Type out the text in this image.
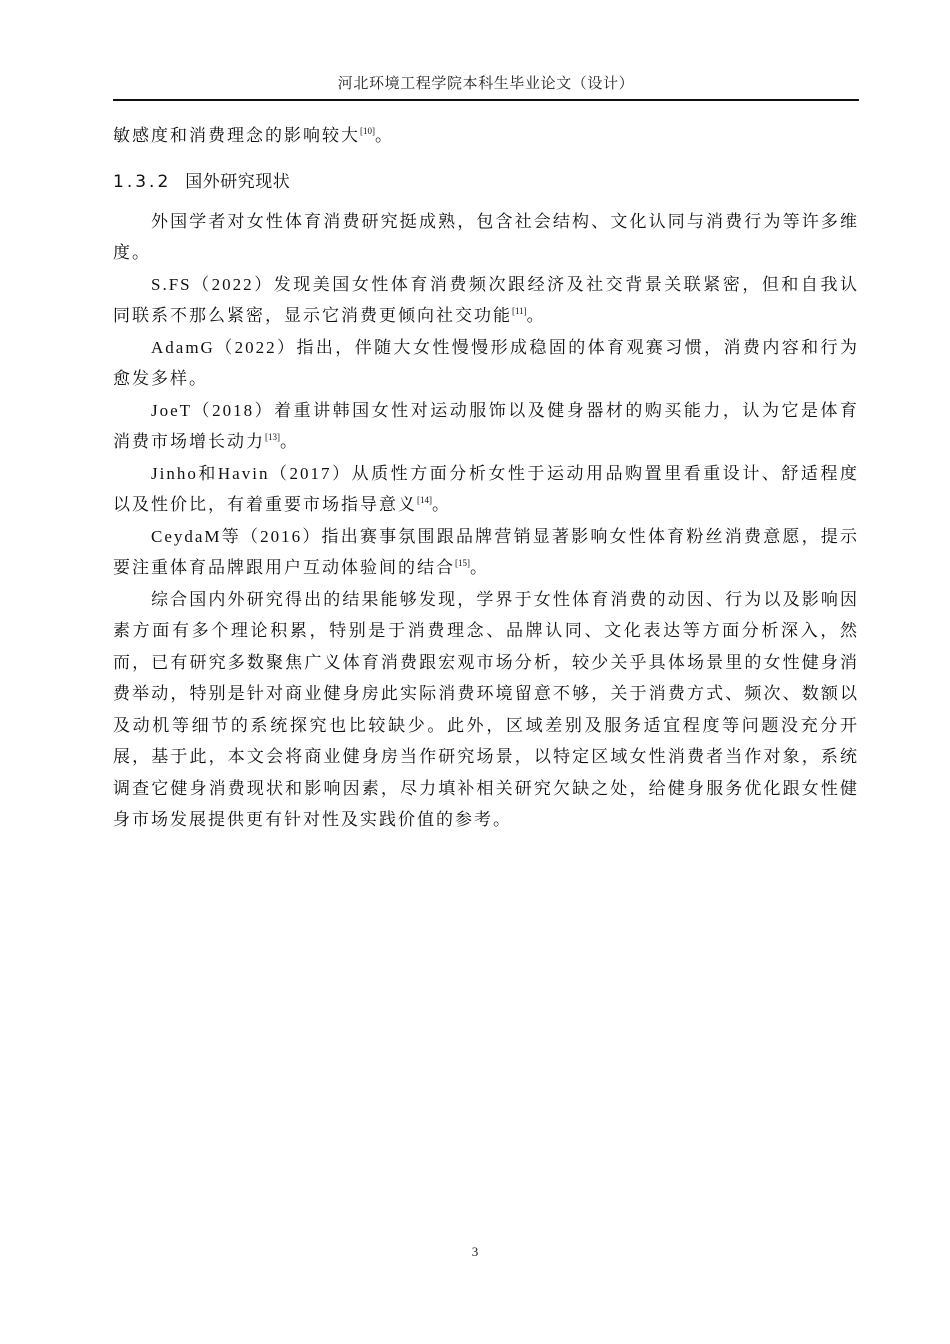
河北环境工程学院本科生毕业论文（设计）

敏感度和消费理念的影响较大[10]。

1.3.2 国外研究现状

外国学者对女性体育消费研究挺成熟，包含社会结构、文化认同与消费行为等许多维度。

S.FS（2022）发现美国女性体育消费频次跟经济及社交背景关联紧密，但和自我认同联系不那么紧密，显示它消费更倾向社交功能[11]。

AdamG（2022）指出，伴随大女性慢慢形成稳固的体育观赛习惯，消费内容和行为愈发多样。

JoeT（2018）着重讲韩国女性对运动服饰以及健身器材的购买能力，认为它是体育消费市场增长动力[13]。

Jinho和Havin（2017）从质性方面分析女性于运动用品购置里看重设计、舒适程度以及性价比，有着重要市场指导意义[14]。

CeydaM等（2016）指出赛事氛围跟品牌营销显著影响女性体育粉丝消费意愿，提示要注重体育品牌跟用户互动体验间的结合[15]。

综合国内外研究得出的结果能够发现，学界于女性体育消费的动因、行为以及影响因素方面有多个理论积累，特别是于消费理念、品牌认同、文化表达等方面分析深入，然而，已有研究多数聚焦广义体育消费跟宏观市场分析，较少关乎具体场景里的女性健身消费举动，特别是针对商业健身房此实际消费环境留意不够，关于消费方式、频次、数额以及动机等细节的系统探究也比较缺少。此外，区域差别及服务适宜程度等问题没充分开展，基于此，本文会将商业健身房当作研究场景，以特定区域女性消费者当作对象，系统调查它健身消费现状和影响因素，尽力填补相关研究欠缺之处，给健身服务优化跟女性健身市场发展提供更有针对性及实践价值的参考。

3
